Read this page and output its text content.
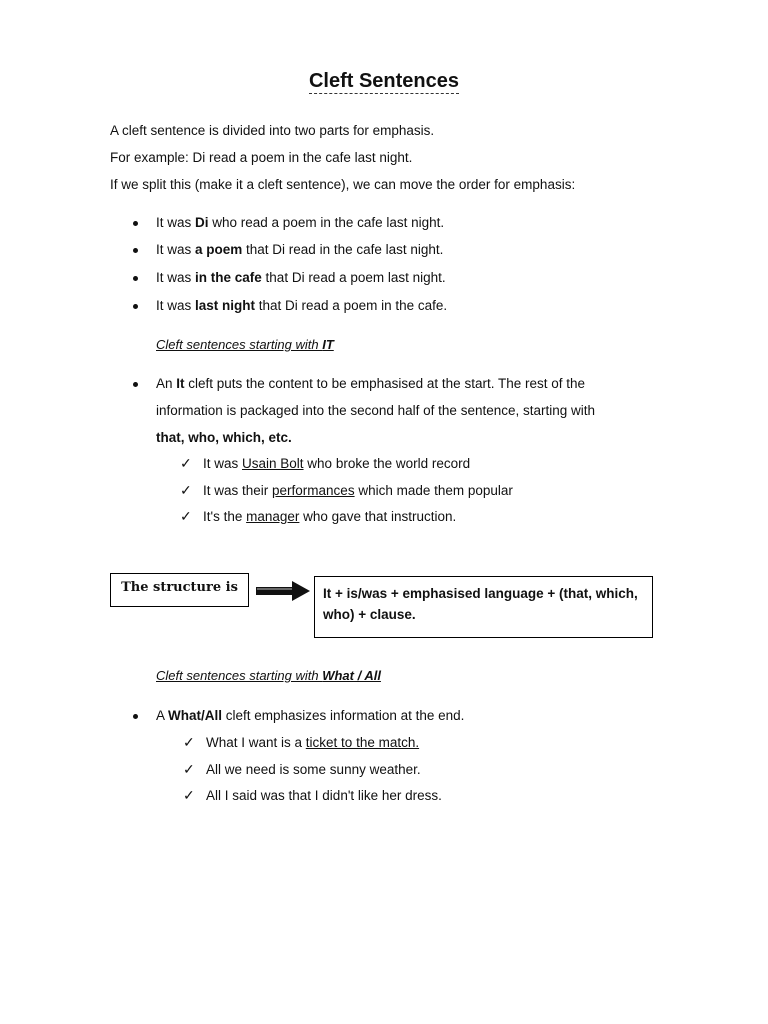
Cleft Sentences
A cleft sentence is divided into two parts for emphasis.
For example: Di read a poem in the cafe last night.
If we split this (make it a cleft sentence), we can move the order for emphasis:
It was Di who read a poem in the cafe last night.
It was a poem that Di read in the cafe last night.
It was in the cafe that Di read a poem last night.
It was last night that Di read a poem in the cafe.
Cleft sentences starting with IT
An It cleft puts the content to be emphasised at the start. The rest of the
information is packaged into the second half of the sentence, starting with
that, who, which, etc.
✓ It was Usain Bolt who broke the world record
✓ It was their performances which made them popular
✓ It's the manager who gave that instruction.
The structure is	It + is/was + emphasised language + (that, which, who) + clause.
Cleft sentences starting with What / All
A What/All cleft emphasizes information at the end.
✓ What I want is a ticket to the match.
✓ All we need is some sunny weather.
✓ All I said was that I didn't like her dress.
